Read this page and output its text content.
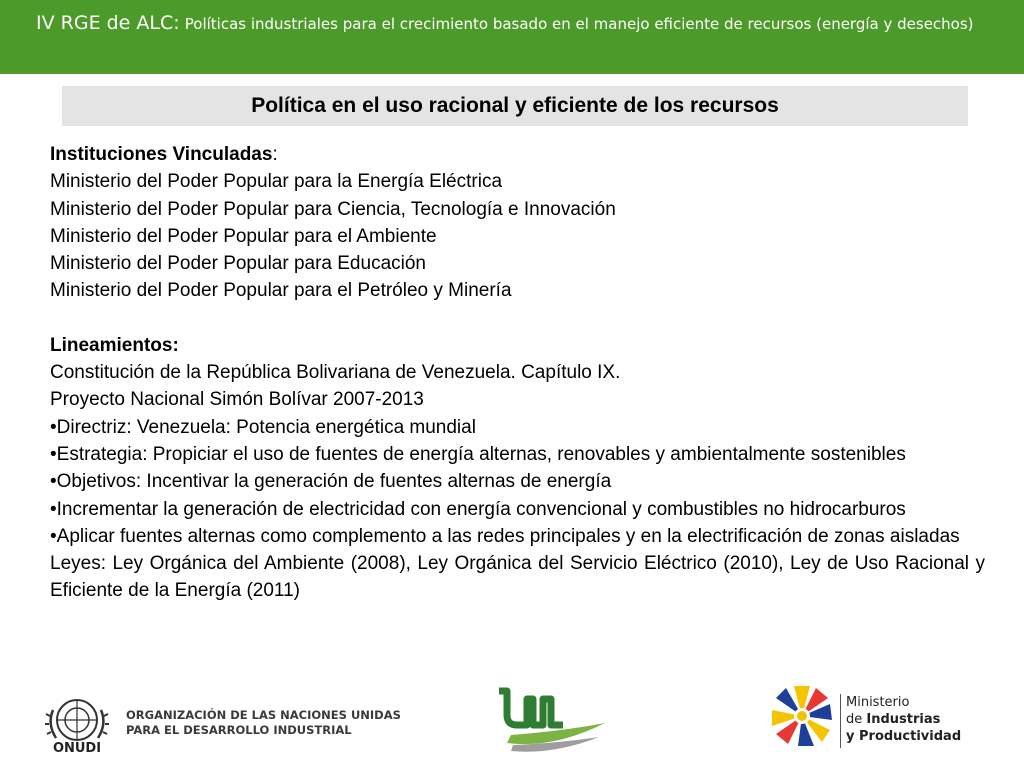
IV RGE de ALC: Políticas industriales para el crecimiento basado en el manejo eficiente de recursos (energía y desechos)
Política en el uso racional y eficiente de los recursos
Instituciones Vinculadas:
Ministerio del Poder Popular para la Energía Eléctrica
Ministerio del Poder Popular para Ciencia, Tecnología e Innovación
Ministerio del Poder Popular para el Ambiente
Ministerio del Poder Popular para Educación
Ministerio del Poder Popular para el Petróleo y Minería
Lineamientos:
Constitución de la República Bolivariana de Venezuela. Capítulo IX.
Proyecto Nacional Simón Bolívar 2007-2013
• Directriz: Venezuela: Potencia energética mundial
• Estrategia: Propiciar el uso de fuentes de energía alternas, renovables y ambientalmente sostenibles
• Objetivos: Incentivar la generación de fuentes alternas de energía
• Incrementar la generación de electricidad con energía convencional y combustibles no hidrocarburos
• Aplicar fuentes alternas como complemento a las redes principales y en la electrificación de zonas aisladas
Leyes: Ley Orgánica del Ambiente (2008), Ley Orgánica del Servicio Eléctrico (2010), Ley de Uso Racional y Eficiente de la Energía (2011)
ONUDI
ORGANIZACIÓN DE LAS NACIONES UNIDAS
PARA EL DESARROLLO INDUSTRIAL
Ministerio
de Industrias
y Productividad
